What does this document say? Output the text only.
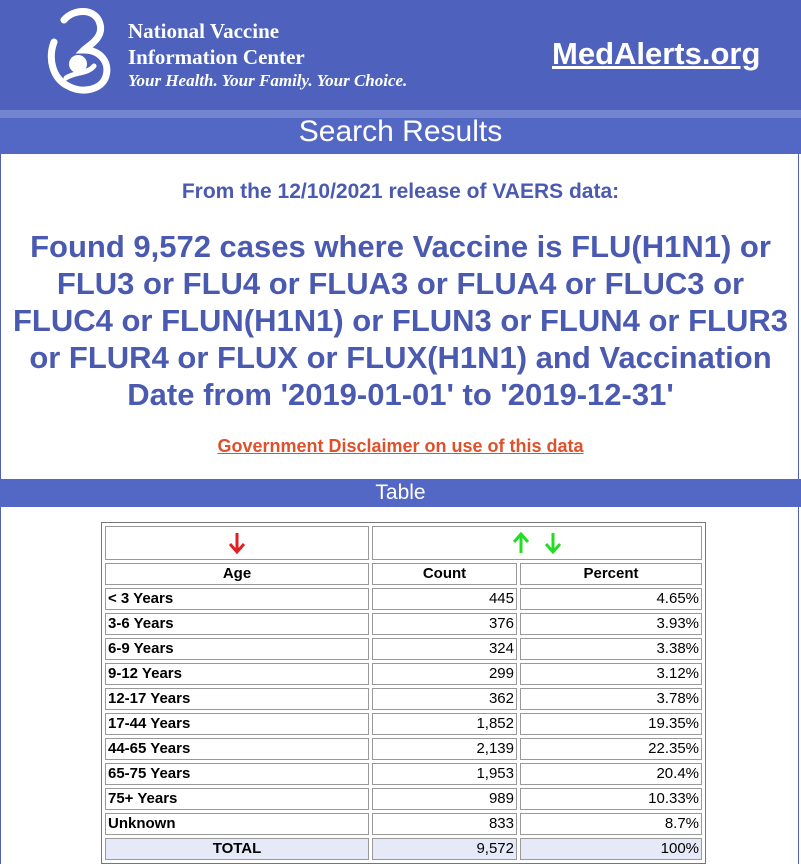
National Vaccine
Information Center
Your Health. Your Family. Your Choice.
MedAlerts.org
Search Results
From the 12/10/2021 release of VAERS data:
Found 9,572 cases where Vaccine is FLU(H1N1) or FLU3 or FLU4 or FLUA3 or FLUA4 or FLUC3 or FLUC4 or FLUN(H1N1) or FLUN3 or FLUN4 or FLUR3 or FLUR4 or FLUX or FLUX(H1N1) and Vaccination Date from '2019-01-01' to '2019-12-31'
Government Disclaimer on use of this data
Table

Age	Count	Percent
< 3 Years	445	4.65%
3-6 Years	376	3.93%
6-9 Years	324	3.38%
9-12 Years	299	3.12%
12-17 Years	362	3.78%
17-44 Years	1,852	19.35%
44-65 Years	2,139	22.35%
65-75 Years	1,953	20.4%
75+ Years	989	10.33%
Unknown	833	8.7%
TOTAL	9,572	100%
